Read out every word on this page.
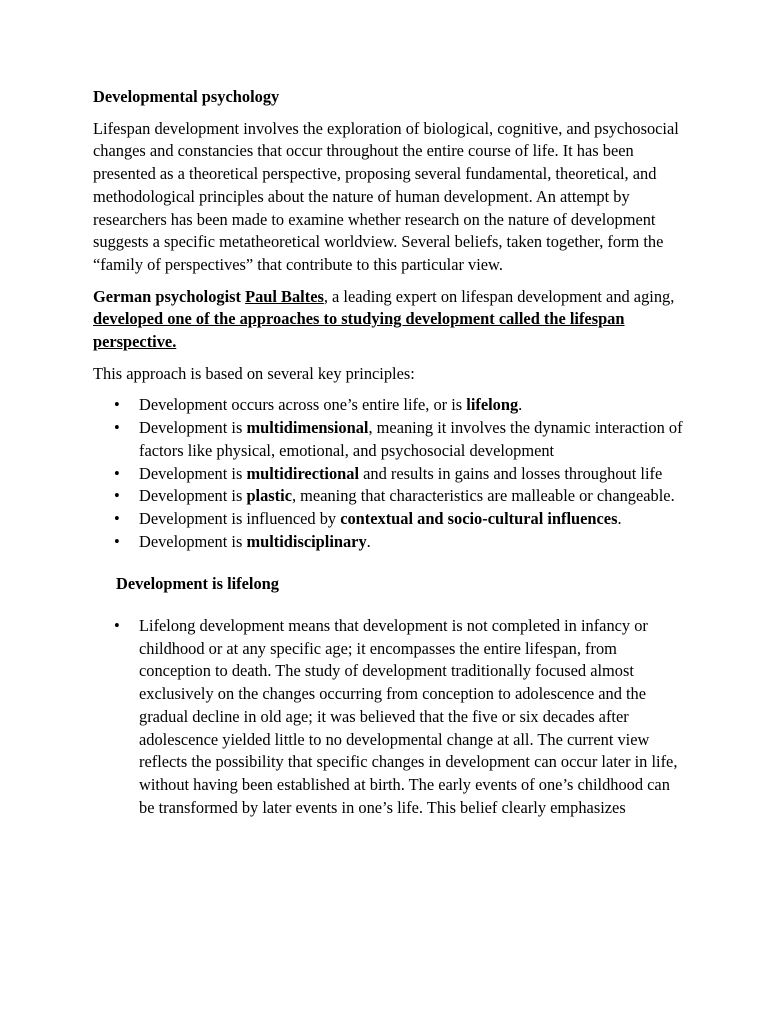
Developmental psychology

Lifespan development involves the exploration of biological, cognitive, and psychosocial changes and constancies that occur throughout the entire course of life. It has been presented as a theoretical perspective, proposing several fundamental, theoretical, and methodological principles about the nature of human development. An attempt by researchers has been made to examine whether research on the nature of development suggests a specific metatheoretical worldview. Several beliefs, taken together, form the “family of perspectives” that contribute to this particular view.

German psychologist Paul Baltes, a leading expert on lifespan development and aging, developed one of the approaches to studying development called the lifespan perspective.

This approach is based on several key principles:

• Development occurs across one’s entire life, or is lifelong.
• Development is multidimensional, meaning it involves the dynamic interaction of factors like physical, emotional, and psychosocial development
• Development is multidirectional and results in gains and losses throughout life
• Development is plastic, meaning that characteristics are malleable or changeable.
• Development is influenced by contextual and socio-cultural influences.
• Development is multidisciplinary.
Development is lifelong
• Lifelong development means that development is not completed in infancy or childhood or at any specific age; it encompasses the entire lifespan, from conception to death. The study of development traditionally focused almost exclusively on the changes occurring from conception to adolescence and the gradual decline in old age; it was believed that the five or six decades after adolescence yielded little to no developmental change at all. The current view reflects the possibility that specific changes in development can occur later in life, without having been established at birth. The early events of one’s childhood can be transformed by later events in one’s life. This belief clearly emphasizes
